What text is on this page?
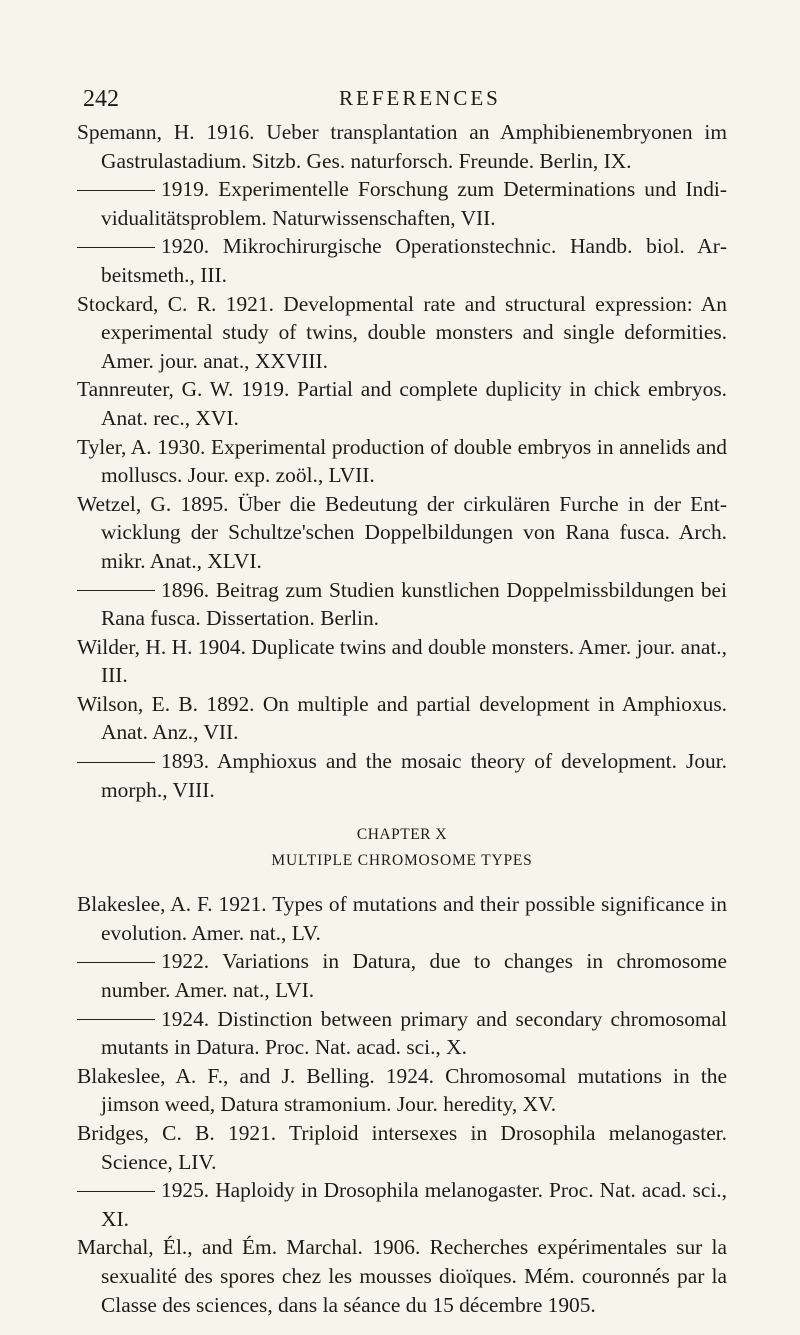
242	REFERENCES

Spemann, H. 1916. Ueber transplantation an Amphibienembryonen im Gastrulastadium. Sitzb. Ges. naturforsch. Freunde. Berlin, IX.

1919. Experimentelle Forschung zum Determinations und Individualitätsproblem. Naturwissenschaften, VII.

1920. Mikrochirurgische Operationstechnic. Handb. biol. Arbeitsmeth., III.

Stockard, C. R. 1921. Developmental rate and structural expression: An experimental study of twins, double monsters and single deformities. Amer. jour. anat., XXVIII.

Tannreuter, G. W. 1919. Partial and complete duplicity in chick embryos. Anat. rec., XVI.

Tyler, A. 1930. Experimental production of double embryos in annelids and molluscs. Jour. exp. zoöl., LVII.

Wetzel, G. 1895. Über die Bedeutung der cirkulären Furche in der Entwicklung der Schultze'schen Doppelbildungen von Rana fusca. Arch. mikr. Anat., XLVI.

1896. Beitrag zum Studien kunstlichen Doppelmissbildungen bei Rana fusca. Dissertation. Berlin.

Wilder, H. H. 1904. Duplicate twins and double monsters. Amer. jour. anat., III.

Wilson, E. B. 1892. On multiple and partial development in Amphioxus. Anat. Anz., VII.

1893. Amphioxus and the mosaic theory of development. Jour. morph., VIII.

CHAPTER X
MULTIPLE CHROMOSOME TYPES

Blakeslee, A. F. 1921. Types of mutations and their possible significance in evolution. Amer. nat., LV.

1922. Variations in Datura, due to changes in chromosome number. Amer. nat., LVI.

1924. Distinction between primary and secondary chromosomal mutants in Datura. Proc. Nat. acad. sci., X.

Blakeslee, A. F., and J. Belling. 1924. Chromosomal mutations in the jimson weed, Datura stramonium. Jour. heredity, XV.

Bridges, C. B. 1921. Triploid intersexes in Drosophila melanogaster. Science, LIV.

1925. Haploidy in Drosophila melanogaster. Proc. Nat. acad. sci., XI.

Marchal, Él., and Ém. Marchal. 1906. Recherches expérimentales sur la sexualité des spores chez les mousses dioïques. Mém. couronnés par la Classe des sciences, dans la séance du 15 décembre 1905.
